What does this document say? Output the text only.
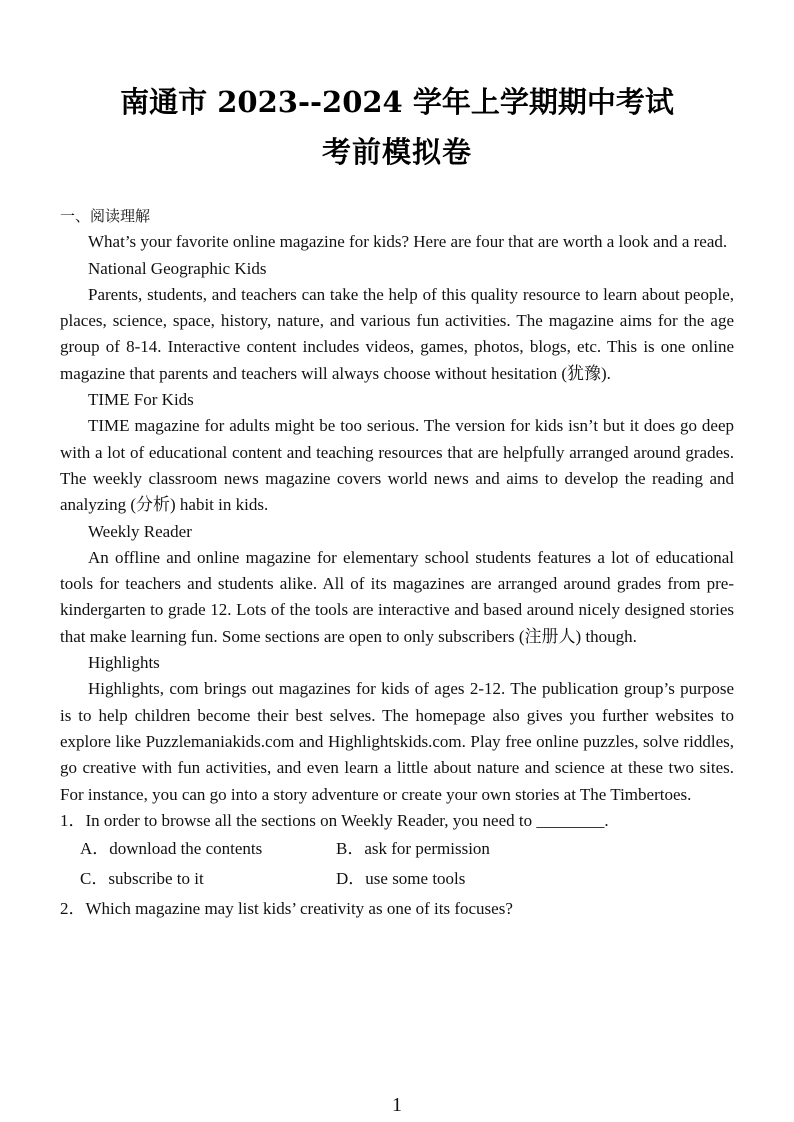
南通市 2023--2024 学年上学期期中考试
考前模拟卷

一、阅读理解

What’s your favorite online magazine for kids? Here are four that are worth a look and a read.

National Geographic Kids

Parents, students, and teachers can take the help of this quality resource to learn about people, places, science, space, history, nature, and various fun activities. The magazine aims for the age group of 8-14. Interactive content includes videos, games, photos, blogs, etc. This is one online magazine that parents and teachers will always choose without hesitation (犹豫).

TIME For Kids

TIME magazine for adults might be too serious. The version for kids isn’t but it does go deep with a lot of educational content and teaching resources that are helpfully arranged around grades. The weekly classroom news magazine covers world news and aims to develop the reading and analyzing (分析) habit in kids.

Weekly Reader

An offline and online magazine for elementary school students features a lot of educational tools for teachers and students alike. All of its magazines are arranged around grades from pre-kindergarten to grade 12. Lots of the tools are interactive and based around nicely designed stories that make learning fun. Some sections are open to only subscribers (注册人) though.

Highlights

Highlights, com brings out magazines for kids of ages 2-12. The publication group’s purpose is to help children become their best selves. The homepage also gives you further websites to explore like Puzzlemaniakids.com and Highlightskids.com. Play free online puzzles, solve riddles, go creative with fun activities, and even learn a little about nature and science at these two sites. For instance, you can go into a story adventure or create your own stories at The Timbertoes.

1．In order to browse all the sections on Weekly Reader, you need to ________.

A．download the contents	B．ask for permission
C．subscribe to it	D．use some tools

2．Which magazine may list kids’ creativity as one of its focuses?

1
